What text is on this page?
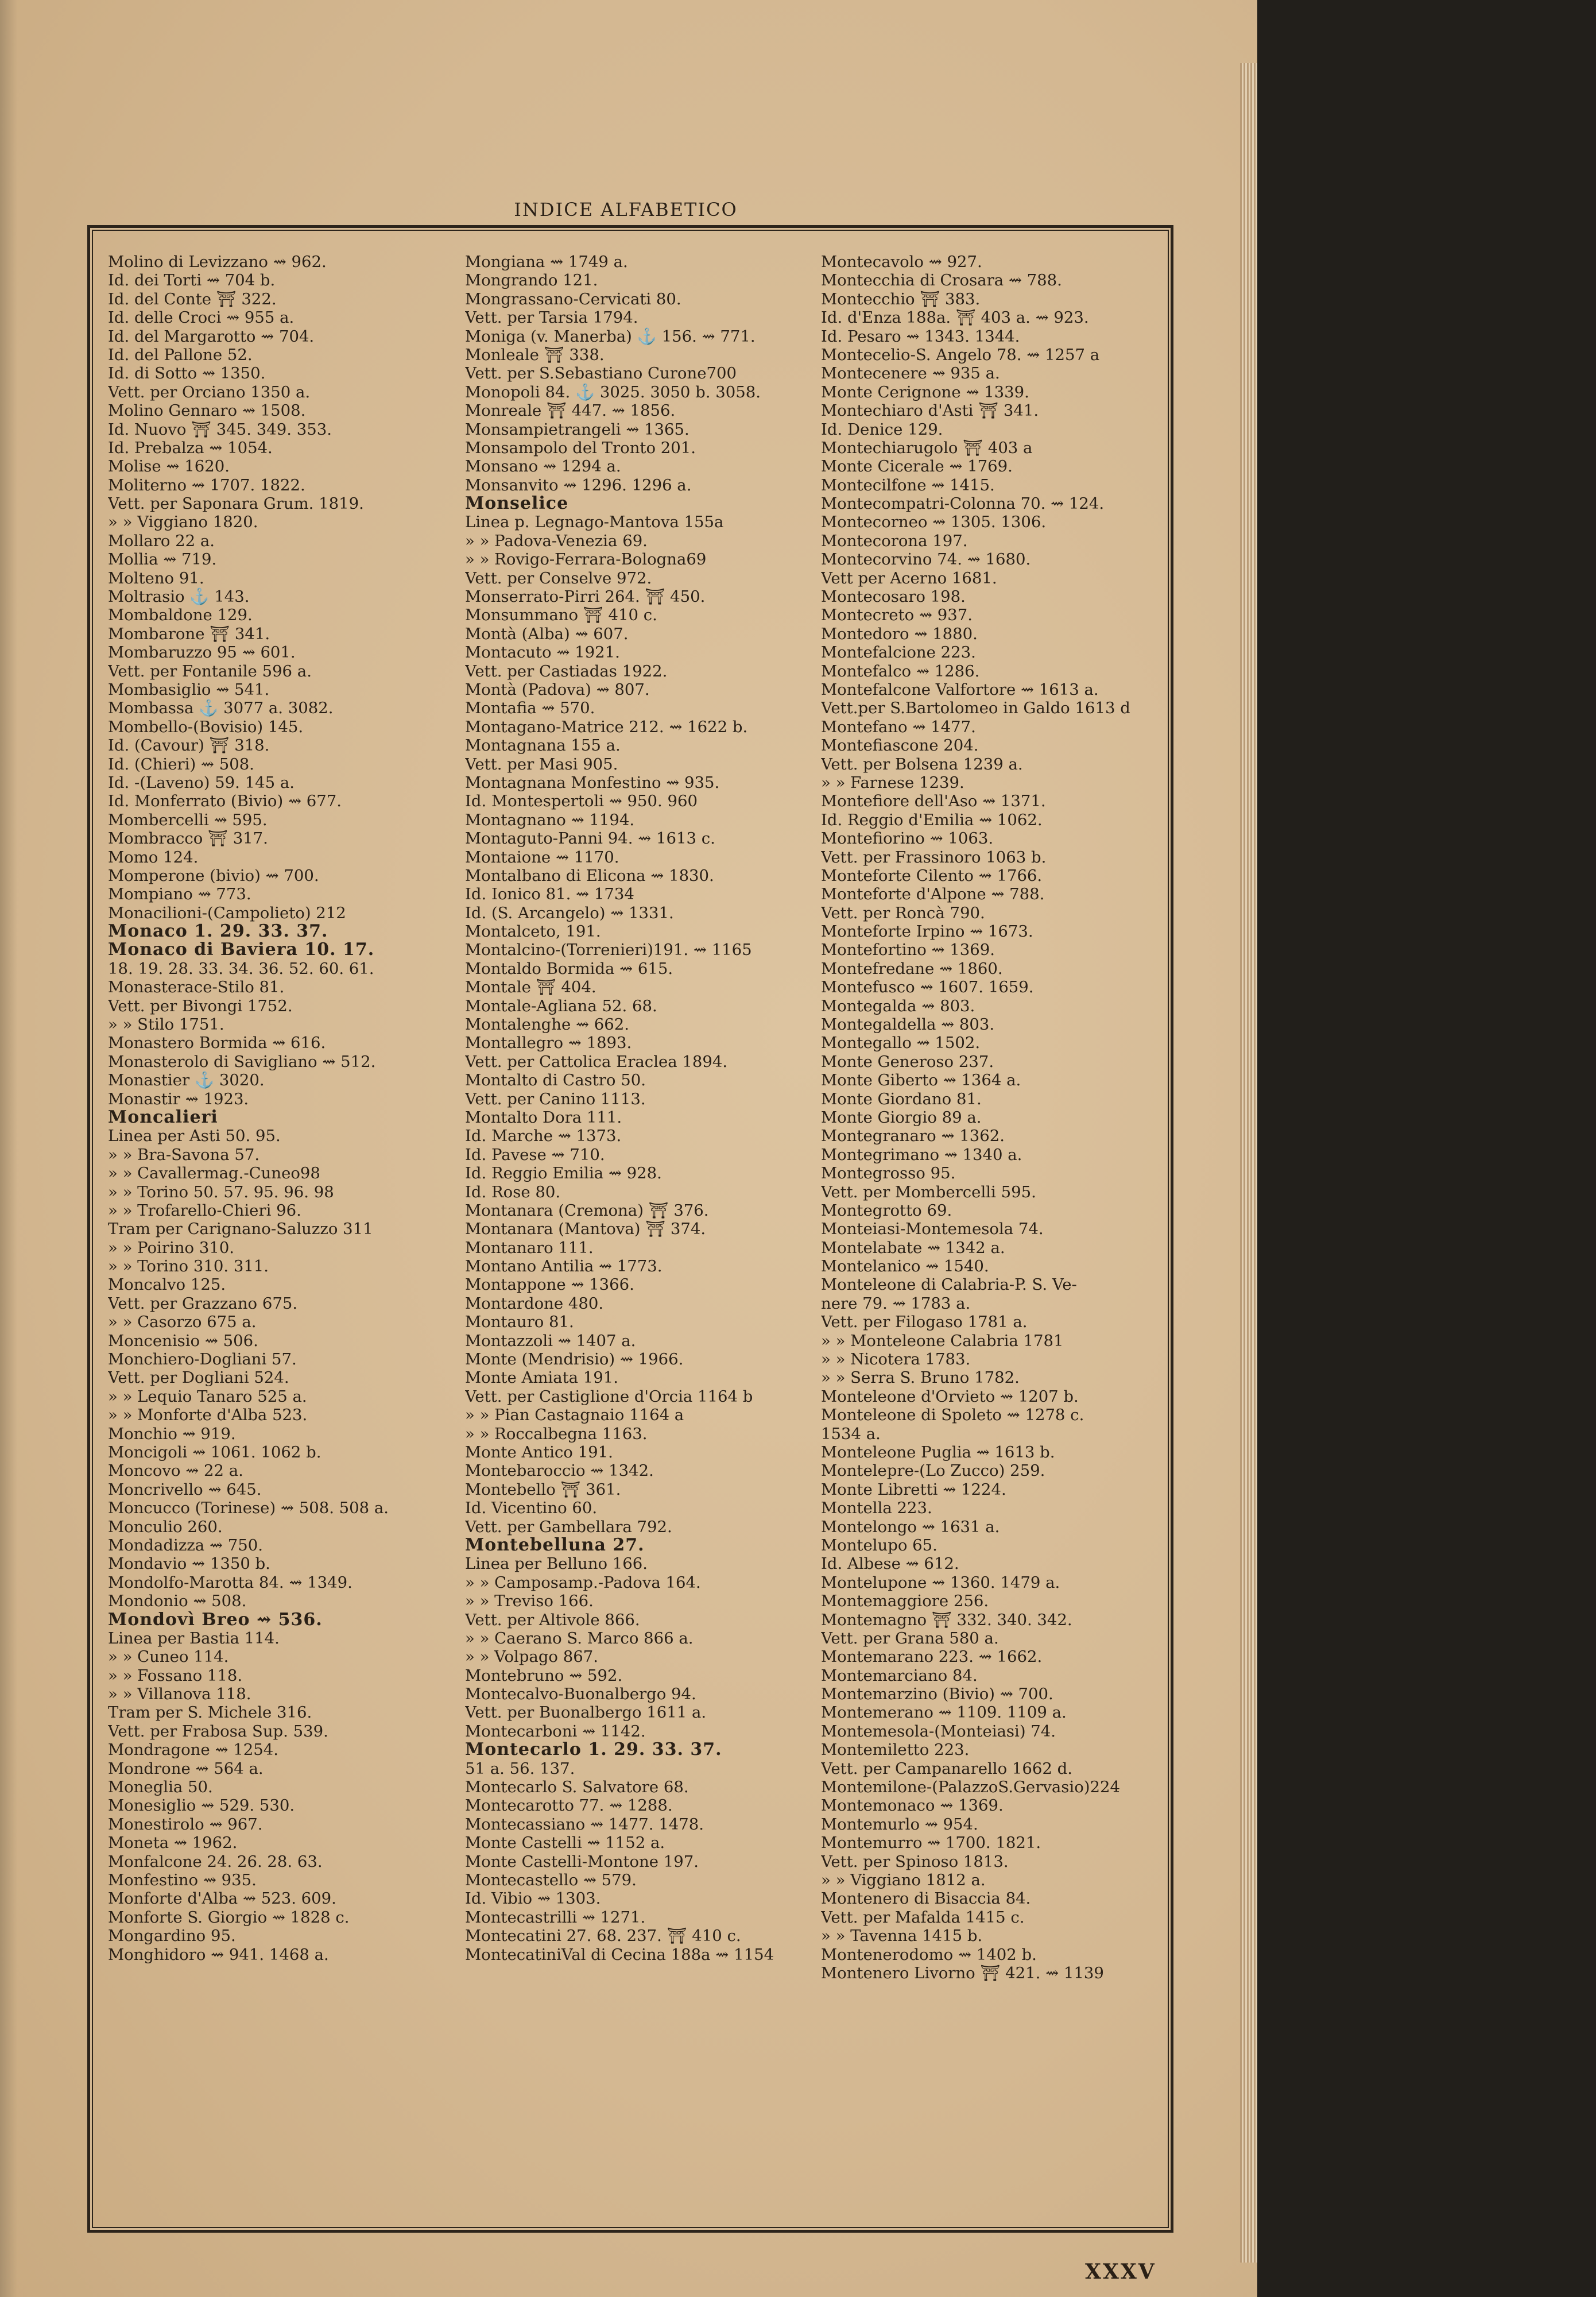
INDICE ALFABETICO
Molino di Levizzano ⇝ 962.
Id. dei Torti ⇝ 704 b.
Id. del Conte ⛩ 322.
Id. delle Croci ⇝ 955 a.
Id. del Margarotto ⇝ 704.
Id. del Pallone 52.
Id. di Sotto ⇝ 1350.
Vett. per Orciano 1350 a.
Molino Gennaro ⇝ 1508.
Id. Nuovo ⛩ 345. 349. 353.
Id. Prebalza ⇝ 1054.
Molise ⇝ 1620.
Moliterno ⇝ 1707. 1822.
Vett. per Saponara Grum. 1819.
» » Viggiano 1820.
Mollaro 22 a.
Mollia ⇝ 719.
Molteno 91.
Moltrasio ⚓ 143.
Mombaldone 129.
Mombarone ⛩ 341.
Mombaruzzo 95 ⇝ 601.
Vett. per Fontanile 596 a.
Mombasiglio ⇝ 541.
Mombassa ⚓ 3077 a. 3082.
Mombello-(Bovisio) 145.
Id. (Cavour) ⛩ 318.
Id. (Chieri) ⇝ 508.
Id. -(Laveno) 59. 145 a.
Id. Monferrato (Bivio) ⇝ 677.
Mombercelli ⇝ 595.
Mombracco ⛩ 317.
Momo 124.
Momperone (bivio) ⇝ 700.
Mompiano ⇝ 773.
Monacilioni-(Campolieto) 212
Monaco 1. 29. 33. 37.
Monaco di Baviera 10. 17.
18. 19. 28. 33. 34. 36. 52. 60. 61.
Monasterace-Stilo 81.
Vett. per Bivongi 1752.
» » Stilo 1751.
Monastero Bormida ⇝ 616.
Monasterolo di Savigliano ⇝ 512.
Monastier ⚓ 3020.
Monastir ⇝ 1923.
Moncalieri
Linea per Asti 50. 95.
» » Bra-Savona 57.
» » Cavallermag.-Cuneo98
» » Torino 50. 57. 95. 96. 98
» » Trofarello-Chieri 96.
Tram per Carignano-Saluzzo 311
» » Poirino 310.
» » Torino 310. 311.
Moncalvo 125.
Vett. per Grazzano 675.
» » Casorzo 675 a.
Moncenisio ⇝ 506.
Monchiero-Dogliani 57.
Vett. per Dogliani 524.
» » Lequio Tanaro 525 a.
» » Monforte d'Alba 523.
Monchio ⇝ 919.
Moncigoli ⇝ 1061. 1062 b.
Moncovo ⇝ 22 a.
Moncrivello ⇝ 645.
Moncucco (Torinese) ⇝ 508. 508 a.
Monculio 260.
Mondadizza ⇝ 750.
Mondavio ⇝ 1350 b.
Mondolfo-Marotta 84. ⇝ 1349.
Mondonio ⇝ 508.
Mondovì Breo ⇝ 536.
Linea per Bastia 114.
» » Cuneo 114.
» » Fossano 118.
» » Villanova 118.
Tram per S. Michele 316.
Vett. per Frabosa Sup. 539.
Mondragone ⇝ 1254.
Mondrone ⇝ 564 a.
Moneglia 50.
Monesiglio ⇝ 529. 530.
Monestirolo ⇝ 967.
Moneta ⇝ 1962.
Monfalcone 24. 26. 28. 63.
Monfestino ⇝ 935.
Monforte d'Alba ⇝ 523. 609.
Monforte S. Giorgio ⇝ 1828 c.
Mongardino 95.
Monghidoro ⇝ 941. 1468 a.
Mongiana ⇝ 1749 a.
Mongrando 121.
Mongrassano-Cervicati 80.
Vett. per Tarsia 1794.
Moniga (v. Manerba) ⚓ 156. ⇝ 771.
Monleale ⛩ 338.
Vett. per S.Sebastiano Curone700
Monopoli 84. ⚓ 3025. 3050 b. 3058.
Monreale ⛩ 447. ⇝ 1856.
Monsampietrangeli ⇝ 1365.
Monsampolo del Tronto 201.
Monsano ⇝ 1294 a.
Monsanvito ⇝ 1296. 1296 a.
Monselice
Linea p. Legnago-Mantova 155a
» » Padova-Venezia 69.
» » Rovigo-Ferrara-Bologna69
Vett. per Conselve 972.
Monserrato-Pirri 264. ⛩ 450.
Monsummano ⛩ 410 c.
Montà (Alba) ⇝ 607.
Montacuto ⇝ 1921.
Vett. per Castiadas 1922.
Montà (Padova) ⇝ 807.
Montafia ⇝ 570.
Montagano-Matrice 212. ⇝ 1622 b.
Montagnana 155 a.
Vett. per Masi 905.
Montagnana Monfestino ⇝ 935.
Id. Montespertoli ⇝ 950. 960
Montagnano ⇝ 1194.
Montaguto-Panni 94. ⇝ 1613 c.
Montaione ⇝ 1170.
Montalbano di Elicona ⇝ 1830.
Id. Ionico 81. ⇝ 1734
Id. (S. Arcangelo) ⇝ 1331.
Montalceto, 191.
Montalcino-(Torrenieri)191. ⇝ 1165
Montaldo Bormida ⇝ 615.
Montale ⛩ 404.
Montale-Agliana 52. 68.
Montalenghe ⇝ 662.
Montallegro ⇝ 1893.
Vett. per Cattolica Eraclea 1894.
Montalto di Castro 50.
Vett. per Canino 1113.
Montalto Dora 111.
Id. Marche ⇝ 1373.
Id. Pavese ⇝ 710.
Id. Reggio Emilia ⇝ 928.
Id. Rose 80.
Montanara (Cremona) ⛩ 376.
Montanara (Mantova) ⛩ 374.
Montanaro 111.
Montano Antilia ⇝ 1773.
Montappone ⇝ 1366.
Montardone 480.
Montauro 81.
Montazzoli ⇝ 1407 a.
Monte (Mendrisio) ⇝ 1966.
Monte Amiata 191.
Vett. per Castiglione d'Orcia 1164 b
» » Pian Castagnaio 1164 a
» » Roccalbegna 1163.
Monte Antico 191.
Montebaroccio ⇝ 1342.
Montebello ⛩ 361.
Id. Vicentino 60.
Vett. per Gambellara 792.
Montebelluna 27.
Linea per Belluno 166.
» » Camposamp.-Padova 164.
» » Treviso 166.
Vett. per Altivole 866.
» » Caerano S. Marco 866 a.
» » Volpago 867.
Montebruno ⇝ 592.
Montecalvo-Buonalbergo 94.
Vett. per Buonalbergo 1611 a.
Montecarboni ⇝ 1142.
Montecarlo 1. 29. 33. 37.
51 a. 56. 137.
Montecarlo S. Salvatore 68.
Montecarotto 77. ⇝ 1288.
Montecassiano ⇝ 1477. 1478.
Monte Castelli ⇝ 1152 a.
Monte Castelli-Montone 197.
Montecastello ⇝ 579.
Id. Vibio ⇝ 1303.
Montecastrilli ⇝ 1271.
Montecatini 27. 68. 237. ⛩ 410 c.
MontecatiniVal di Cecina 188a ⇝ 1154
Montecavolo ⇝ 927.
Montecchia di Crosara ⇝ 788.
Montecchio ⛩ 383.
Id. d'Enza 188a. ⛩ 403 a. ⇝ 923.
Id. Pesaro ⇝ 1343. 1344.
Montecelio-S. Angelo 78. ⇝ 1257 a
Montecenere ⇝ 935 a.
Monte Cerignone ⇝ 1339.
Montechiaro d'Asti ⛩ 341.
Id. Denice 129.
Montechiarugolo ⛩ 403 a
Monte Cicerale ⇝ 1769.
Montecilfone ⇝ 1415.
Montecompatri-Colonna 70. ⇝ 124.
Montecorneo ⇝ 1305. 1306.
Montecorona 197.
Montecorvino 74. ⇝ 1680.
Vett per Acerno 1681.
Montecosaro 198.
Montecreto ⇝ 937.
Montedoro ⇝ 1880.
Montefalcione 223.
Montefalco ⇝ 1286.
Montefalcone Valfortore ⇝ 1613 a.
Vett.per S.Bartolomeo in Galdo 1613 d
Montefano ⇝ 1477.
Montefiascone 204.
Vett. per Bolsena 1239 a.
» » Farnese 1239.
Montefiore dell'Aso ⇝ 1371.
Id. Reggio d'Emilia ⇝ 1062.
Montefiorino ⇝ 1063.
Vett. per Frassinoro 1063 b.
Monteforte Cilento ⇝ 1766.
Monteforte d'Alpone ⇝ 788.
Vett. per Roncà 790.
Monteforte Irpino ⇝ 1673.
Montefortino ⇝ 1369.
Montefredane ⇝ 1860.
Montefusco ⇝ 1607. 1659.
Montegalda ⇝ 803.
Montegaldella ⇝ 803.
Montegallo ⇝ 1502.
Monte Generoso 237.
Monte Giberto ⇝ 1364 a.
Monte Giordano 81.
Monte Giorgio 89 a.
Montegranaro ⇝ 1362.
Montegrimano ⇝ 1340 a.
Montegrosso 95.
Vett. per Mombercelli 595.
Montegrotto 69.
Monteiasi-Montemesola 74.
Montelabate ⇝ 1342 a.
Montelanico ⇝ 1540.
Monteleone di Calabria-P. S. Ve-
nere 79. ⇝ 1783 a.
Vett. per Filogaso 1781 a.
» » Monteleone Calabria 1781
» » Nicotera 1783.
» » Serra S. Bruno 1782.
Monteleone d'Orvieto ⇝ 1207 b.
Monteleone di Spoleto ⇝ 1278 c.
1534 a.
Monteleone Puglia ⇝ 1613 b.
Montelepre-(Lo Zucco) 259.
Monte Libretti ⇝ 1224.
Montella 223.
Montelongo ⇝ 1631 a.
Montelupo 65.
Id. Albese ⇝ 612.
Montelupone ⇝ 1360. 1479 a.
Montemaggiore 256.
Montemagno ⛩ 332. 340. 342.
Vett. per Grana 580 a.
Montemarano 223. ⇝ 1662.
Montemarciano 84.
Montemarzino (Bivio) ⇝ 700.
Montemerano ⇝ 1109. 1109 a.
Montemesola-(Monteiasi) 74.
Montemiletto 223.
Vett. per Campanarello 1662 d.
Montemilone-(PalazzoS.Gervasio)224
Montemonaco ⇝ 1369.
Montemurlo ⇝ 954.
Montemurro ⇝ 1700. 1821.
Vett. per Spinoso 1813.
» » Viggiano 1812 a.
Montenero di Bisaccia 84.
Vett. per Mafalda 1415 c.
» » Tavenna 1415 b.
Montenerodomo ⇝ 1402 b.
Montenero Livorno ⛩ 421. ⇝ 1139
XXXV
